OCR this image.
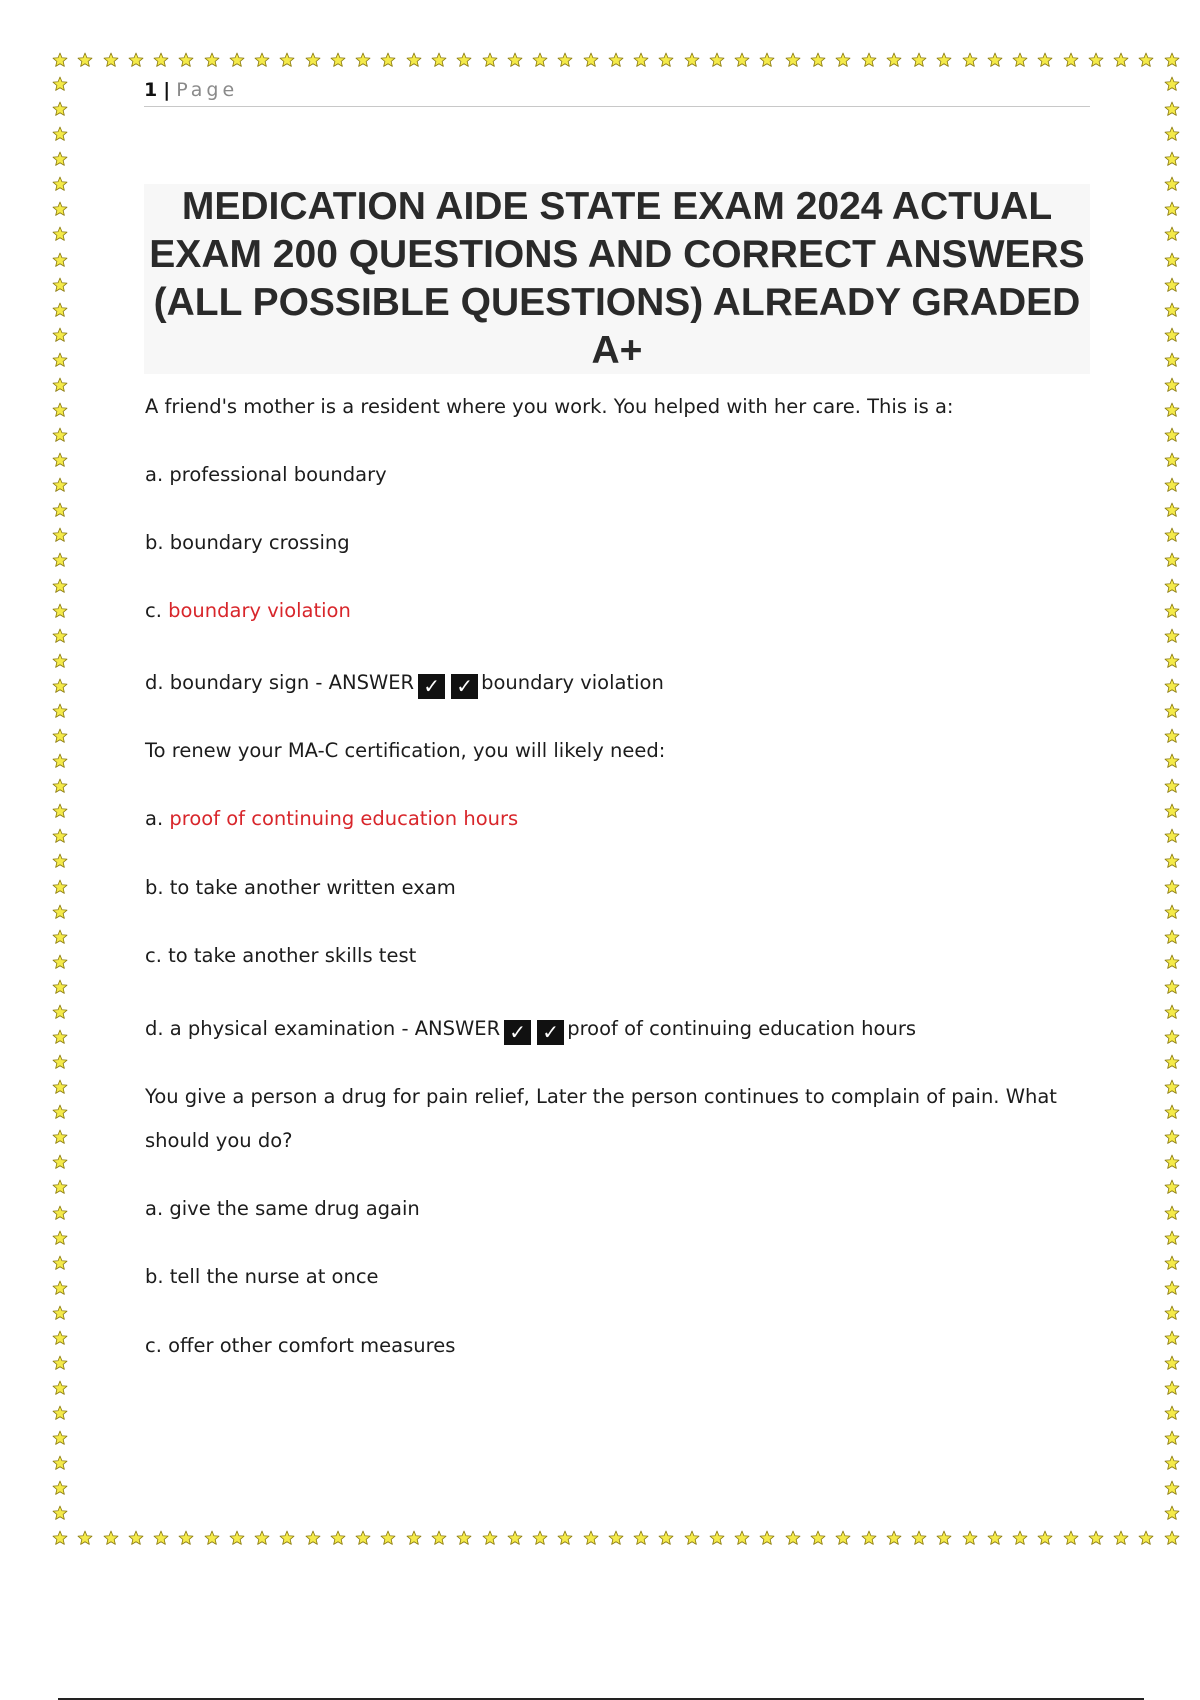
1 | Page
MEDICATION AIDE STATE EXAM 2024 ACTUAL EXAM 200 QUESTIONS AND CORRECT ANSWERS (ALL POSSIBLE QUESTIONS) ALREADY GRADED A+
A friend's mother is a resident where you work. You helped with her care. This is a:
a. professional boundary
b. boundary crossing
c. boundary violation
d. boundary sign - ANSWER ✓ ✓ boundary violation
To renew your MA-C certification, you will likely need:
a. proof of continuing education hours
b. to take another written exam
c. to take another skills test
d. a physical examination - ANSWER ✓ ✓ proof of continuing education hours
You give a person a drug for pain relief, Later the person continues to complain of pain. What
should you do?
a. give the same drug again
b. tell the nurse at once
c. offer other comfort measures
